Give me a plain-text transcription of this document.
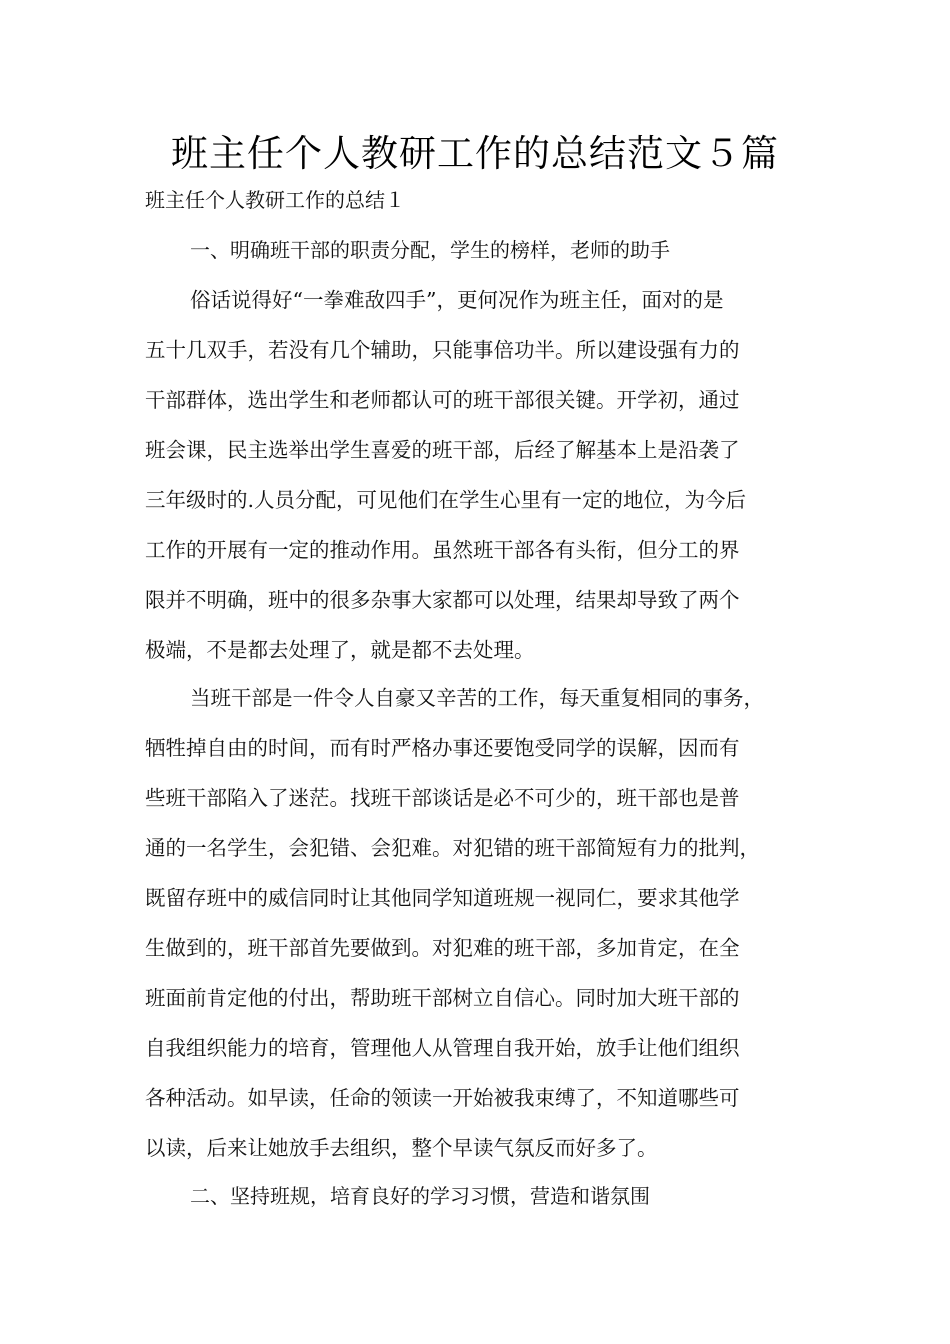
班主任个人教研工作的总结范文５篇
班主任个人教研工作的总结１
一、明确班干部的职责分配，学生的榜样，老师的助手
俗话说得好“一拳难敌四手”，更何况作为班主任，面对的是
五十几双手，若没有几个辅助，只能事倍功半。所以建设强有力的
干部群体，选出学生和老师都认可的班干部很关键。开学初，通过
班会课，民主选举出学生喜爱的班干部，后经了解基本上是沿袭了
三年级时的.人员分配，可见他们在学生心里有一定的地位，为今后
工作的开展有一定的推动作用。虽然班干部各有头衔，但分工的界
限并不明确，班中的很多杂事大家都可以处理，结果却导致了两个
极端，不是都去处理了，就是都不去处理。
当班干部是一件令人自豪又辛苦的工作，每天重复相同的事务，
牺牲掉自由的时间，而有时严格办事还要饱受同学的误解，因而有
些班干部陷入了迷茫。找班干部谈话是必不可少的，班干部也是普
通的一名学生，会犯错、会犯难。对犯错的班干部简短有力的批判，
既留存班中的威信同时让其他同学知道班规一视同仁，要求其他学
生做到的，班干部首先要做到。对犯难的班干部，多加肯定，在全
班面前肯定他的付出，帮助班干部树立自信心。同时加大班干部的
自我组织能力的培育，管理他人从管理自我开始，放手让他们组织
各种活动。如早读，任命的领读一开始被我束缚了，不知道哪些可
以读，后来让她放手去组织，整个早读气氛反而好多了。
二、坚持班规，培育良好的学习习惯，营造和谐氛围
